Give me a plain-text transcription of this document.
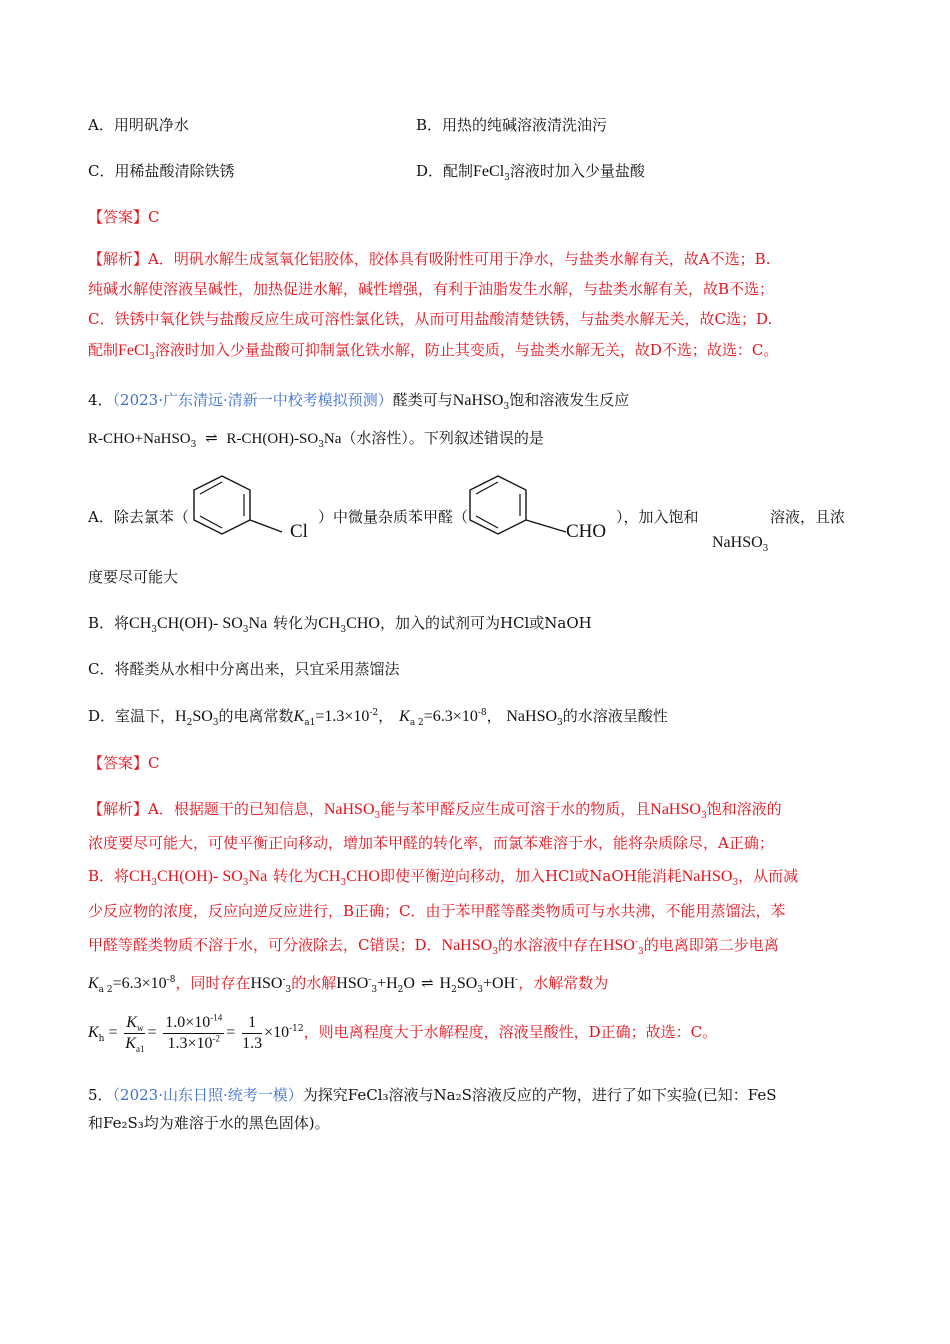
A．用明矾净水	B．用热的纯碱溶液清洗油污
C．用稀盐酸清除铁锈	D．配制FeCl$_3$溶液时加入少量盐酸
【答案】C
【解析】A．明矾水解生成氢氧化铝胶体，胶体具有吸附性可用于净水，与盐类水解有关，故A不选；B.
纯碱水解使溶液呈碱性，加热促进水解，碱性增强，有利于油脂发生水解，与盐类水解有关，故B不选；
C．铁锈中氧化铁与盐酸反应生成可溶性氯化铁，从而可用盐酸清楚铁锈，与盐类水解无关，故C选；D.
配制FeCl$_3$溶液时加入少量盐酸可抑制氯化铁水解，防止其变质，与盐类水解无关，故D不选；故选：C。
4．（2023·广东清远·清新一中校考模拟预测）醛类可与NaHSO$_3$饱和溶液发生反应
R-CHO+NaHSO$_3$ ⇌ $R-CH(OH)-SO_3Na$（水溶性）。下列叙述错误的是
A．除去氯苯（
Cl
）中微量杂质苯甲醛（
CHO
），加入饱和	溶液，且浓
NaHSO$_3$
度要尽可能大
B．将$CH_3CH(OH)-$ $SO_3Na$ 转化为$CH_3CHO$，加入的试剂可为HCl或NaOH
C．将醛类从水相中分离出来，只宜采用蒸馏法
D．室温下，$H_2SO_3$的电离常数$K_{a1}=1.3\times 10^{-2}$， $K_{a 2}=6.3\times 10^{-8}$， NaHSO$_3$的水溶液呈酸性
【答案】C
【解析】A．根据题干的已知信息，NaHSO$_3$能与苯甲醛反应生成可溶于水的物质，且NaHSO$_3$饱和溶液的
浓度要尽可能大，可使平衡正向移动，增加苯甲醛的转化率，而氯苯难溶于水，能将杂质除尽，A正确；
B．将$CH_3CH(OH)-$ $SO_3Na$ 转化为$CH_3CHO$即使平衡逆向移动，加入HCl或NaOH能消耗NaHSO$_3$，从而减
少反应物的浓度，反应向逆反应进行，B正确；C．由于苯甲醛等醛类物质可与水共沸，不能用蒸馏法，苯
甲醛等醛类物质不溶于水，可分液除去，C错误；D．NaHSO$_3$的水溶液中存在$HSO^-_3$的电离即第二步电离
$K_{a 2}=6.3\times 10^{-8}$，同时存在$HSO^-_3$的水解$HSO^-_3+H_2O$ ⇌ $H_2SO_3+OH^-$，水解常数为
$K_h = \frac{K_w}{K_{a1}} = \frac{1.0\times 10^{-14}}{1.3\times 10^{-2}} = \frac{1}{1.3} \times 10^{-12}$，则电离程度大于水解程度，溶液呈酸性，D正确；故选：C。
5．（2023·山东日照·统考一模）为探究FeCl₃溶液与Na₂S溶液反应的产物，进行了如下实验(已知：FeS
和Fe₂S₃均为难溶于水的黑色固体)。
